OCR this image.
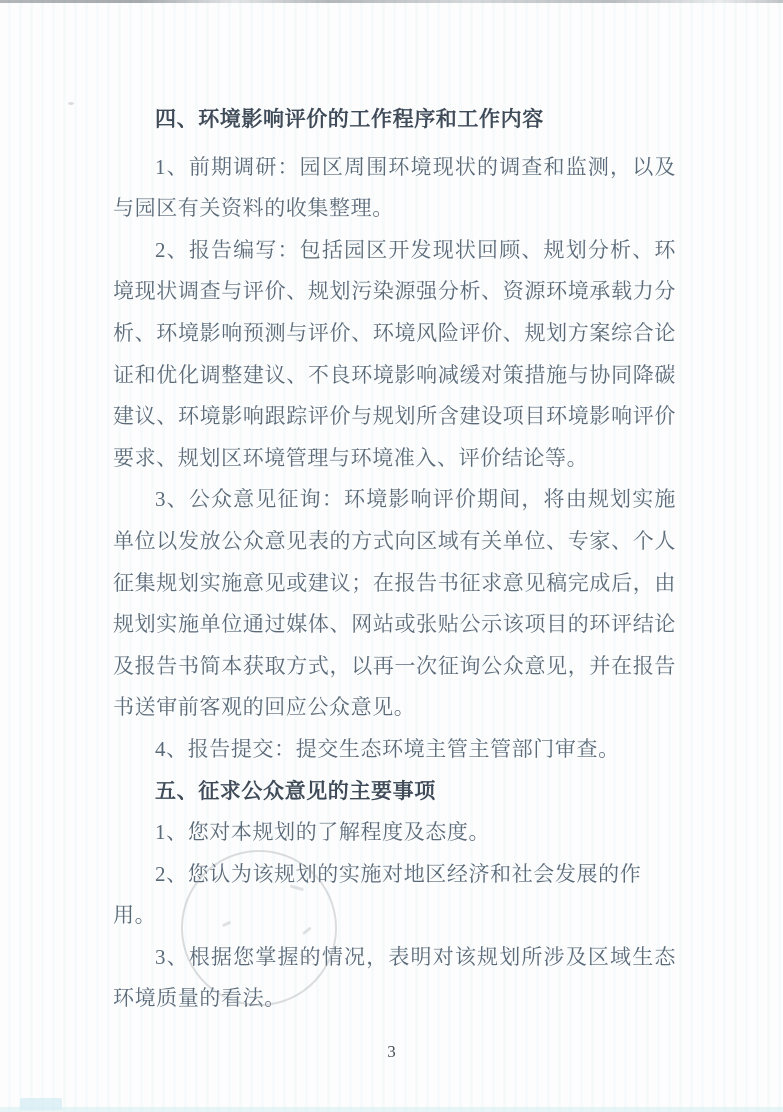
四、环境影响评价的工作程序和工作内容

1、前期调研：园区周围环境现状的调查和监测，以及与园区有关资料的收集整理。

2、报告编写：包括园区开发现状回顾、规划分析、环境现状调查与评价、规划污染源强分析、资源环境承载力分析、环境影响预测与评价、环境风险评价、规划方案综合论证和优化调整建议、不良环境影响减缓对策措施与协同降碳建议、环境影响跟踪评价与规划所含建设项目环境影响评价要求、规划区环境管理与环境准入、评价结论等。

3、公众意见征询：环境影响评价期间，将由规划实施单位以发放公众意见表的方式向区域有关单位、专家、个人征集规划实施意见或建议；在报告书征求意见稿完成后，由规划实施单位通过媒体、网站或张贴公示该项目的环评结论及报告书简本获取方式，以再一次征询公众意见，并在报告书送审前客观的回应公众意见。

4、报告提交：提交生态环境主管主管部门审查。

五、征求公众意见的主要事项

1、您对本规划的了解程度及态度。

2、您认为该规划的实施对地区经济和社会发展的作用。

3、根据您掌握的情况，表明对该规划所涉及区域生态环境质量的看法。

3
